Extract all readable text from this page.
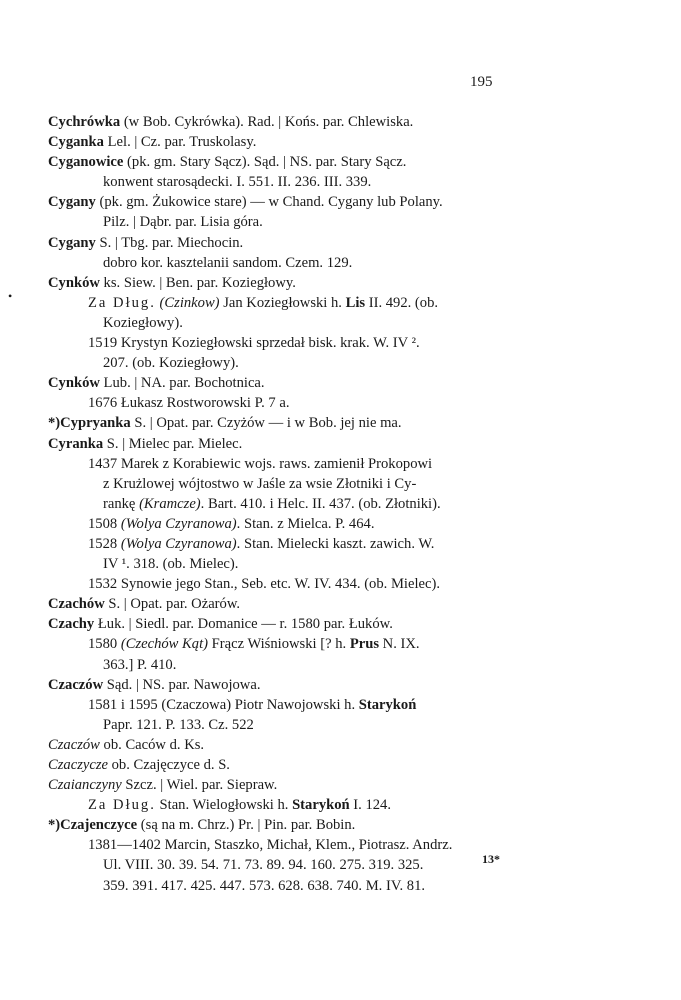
195
•
Cychrówka (w Bob. Cykrówka). Rad. | Końs. par. Chlewiska.
Cyganka Lel. | Cz. par. Truskolasy.
Cyganowice (pk. gm. Stary Sącz). Sąd. | NS. par. Stary Sącz.
konwent starosądecki. I. 551. II. 236. III. 339.
Cygany (pk. gm. Żukowice stare) — w Chand. Cygany lub Polany.
Pilz. | Dąbr. par. Lisia góra.
Cygany S. | Tbg. par. Miechocin.
dobro kor. kasztelanii sandom. Czem. 129.
Cynków ks. Siew. | Ben. par. Koziegłowy.
Za Dług. (Czinkow) Jan Koziegłowski h. Lis II. 492. (ob.
Koziegłowy).
1519 Krystyn Koziegłowski sprzedał bisk. krak. W. IV ².
207. (ob. Koziegłowy).
Cynków Lub. | NA. par. Bochotnica.
1676 Łukasz Rostworowski P. 7 a.
*)Cypryanka S. | Opat. par. Czyżów — i w Bob. jej nie ma.
Cyranka S. | Mielec par. Mielec.
1437 Marek z Korabiewic wojs. raws. zamienił Prokopowi
z Krużlowej wójtostwo w Jaśle za wsie Złotniki i Cy-
rankę (Kramcze). Bart. 410. i Helc. II. 437. (ob. Złotniki).
1508 (Wolya Czyranowa). Stan. z Mielca. P. 464.
1528 (Wolya Czyranowa). Stan. Mielecki kaszt. zawich. W.
IV ¹. 318. (ob. Mielec).
1532 Synowie jego Stan., Seb. etc. W. IV. 434. (ob. Mielec).
Czachów S. | Opat. par. Ożarów.
Czachy Łuk. | Siedl. par. Domanice — r. 1580 par. Łuków.
1580 (Czechów Kąt) Frącz Wiśniowski [? h. Prus N. IX.
363.] P. 410.
Czaczów Sąd. | NS. par. Nawojowa.
1581 i 1595 (Czaczowa) Piotr Nawojowski h. Starykoń
Papr. 121. P. 133. Cz. 522
Czaczów ob. Caców d. Ks.
Czaczycze ob. Czajęczyce d. S.
Czaianczyny Szcz. | Wiel. par. Siepraw.
Za Dług. Stan. Wielogłowski h. Starykoń I. 124.
*)Czajenczyce (są na m. Chrz.) Pr. | Pin. par. Bobin.
1381—1402 Marcin, Staszko, Michał, Klem., Piotrasz. Andrz.
Ul. VIII. 30. 39. 54. 71. 73. 89. 94. 160. 275. 319. 325.
359. 391. 417. 425. 447. 573. 628. 638. 740. M. IV. 81.
13*
